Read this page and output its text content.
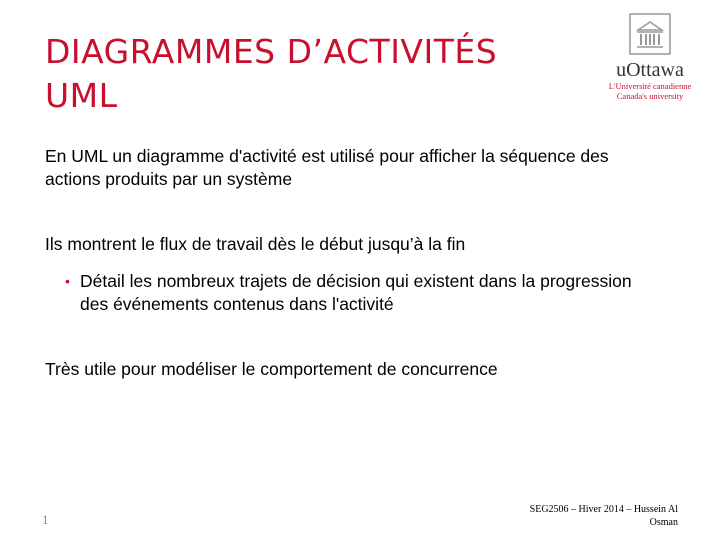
DIAGRAMMES D’ACTIVITÉS
UML
uOttawa
L'Université canadienne
Canada's university
En UML un diagramme d'activité est utilisé pour afficher la séquence des actions produits par un système
Ils montrent le flux de travail dès le début jusqu’à la fin
• Détail les nombreux trajets de décision qui existent dans la progression des événements contenus dans l'activité
Très utile pour modéliser le comportement de concurrence
1
SEG2506 – Hiver 2014 – Hussein Al Osman
